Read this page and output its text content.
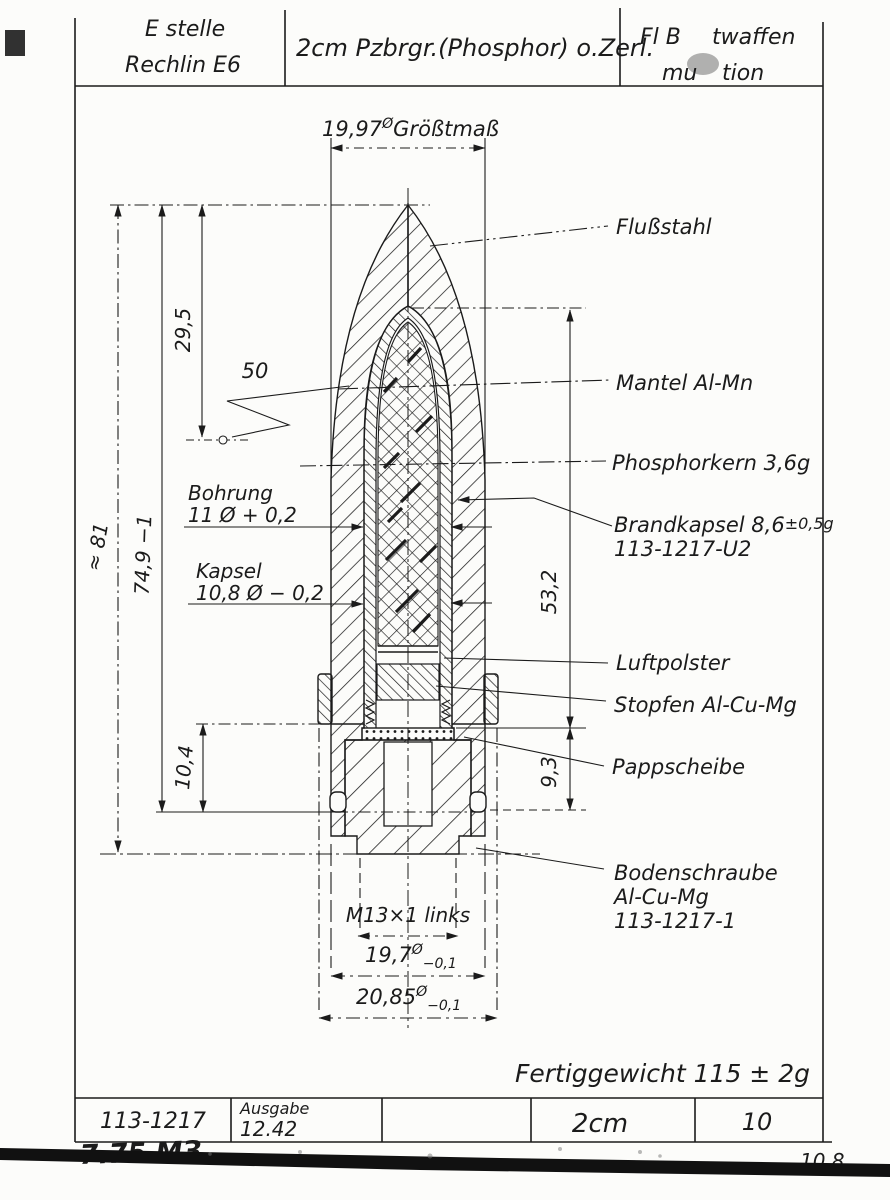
E stelle
Rechlin E6
2cm Pzbrgr.(Phosphor) o.Zerl.
Fl B twaffen
mu tion
$19,97^ØGrößtmaß$
29,5
50
74,9 −1
≈ 81
10,4
53,2
9,3
M13×1 links
$19,7^Ø_{-0,1}$
$20,85^Ø_{-0,1}$
Bohrung
11 Ø + 0,2
Kapsel
10,8 Ø − 0,2
Flußstahl
Mantel Al-Mn
Phosphorkern 3,6g
Brandkapsel 8,6±0,5g
113-1217-U2
Luftpolster
Stopfen Al-Cu-Mg
Pappscheibe
Bodenschraube
Al-Cu-Mg
113-1217-1
Fertiggewicht 115 ± 2g
113-1217
Ausgabe
12.42	2cm	10
10.8
